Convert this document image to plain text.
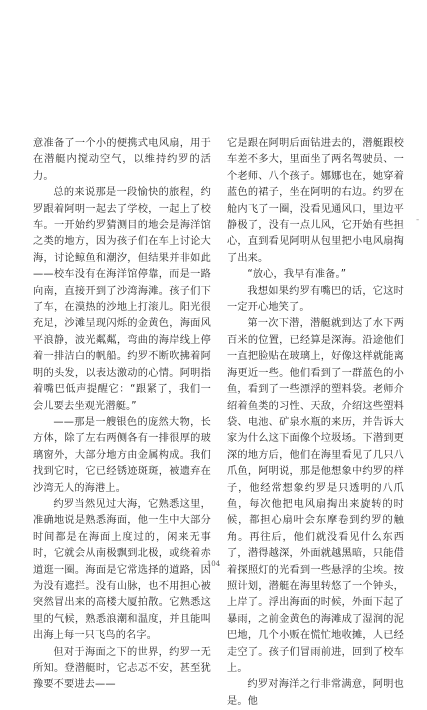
意准备了一个小的便携式电风扇，用于在潜艇内搅动空气，以维持约罗的活力。

总的来说那是一段愉快的旅程，约罗跟着阿明一起去了学校，一起上了校车。一开始约罗猜测目的地会是海洋馆之类的地方，因为孩子们在车上讨论大海，讨论鲸鱼和潮汐，但结果并非如此——校车没有在海洋馆停靠，而是一路向南，直接开到了沙湾海滩。孩子们下了车，在漠热的沙地上打滚儿。阳光很充足，沙滩呈现闪烁的金黄色，海面风平浪静，波光粼粼，弯曲的海岸线上停着一排洁白的帆船。约罗不断吹拂着阿明的头发，以表达激动的心情。阿明指着嘴巴低声提醒它：“跟紧了，我们一会儿要去坐观光潜艇。”

——那是一艘银色的庞然大物，长方体，除了左右两侧各有一排很厚的玻璃窗外，大部分地方由金属构成。我们找到它时，它已经锈迹斑斑，被遗弃在沙湾无人的海港上。

约罗当然见过大海，它熟悉这里，准确地说是熟悉海面，他一生中大部分时间都是在海面上度过的，闲来无事时，它就会从南极飘到北极，或绕着赤道逛一圈。海面是它常选择的道路，因为没有遮拦。没有山脉，也不用担心被突然冒出来的高楼大厦拍散。它熟悉这里的气候，熟悉浪潮和温度，并且能叫出海上每一只飞鸟的名字。

但对于海面之下的世界，约罗一无所知。登潜艇时，它忐忑不安，甚至犹豫要不要进去——

它是跟在阿明后面钻进去的，潜艇跟校车差不多大，里面坐了两名驾驶员、一个老师、八个孩子。娜娜也在，她穿着蓝色的裙子，坐在阿明的右边。约罗在舱内飞了一圈，没看见通风口，里边平静极了，没有一点儿风，它开始有些担心，直到看见阿明从包里把小电风扇掏了出来。

“放心，我早有准备。”

我想如果约罗有嘴巴的话，它这时一定开心地笑了。

第一次下潜，潜艇就到达了水下两百米的位置，已经算是深海。沿途他们一直把脸贴在玻璃上，好像这样就能离海更近一些。他们看到了一群蓝色的小鱼，看到了一些漂浮的塑料袋。老师介绍着鱼类的习性、天敌，介绍这些塑料袋、电池、矿泉水瓶的来历，并告诉大家为什么这下面像个垃圾场。下潜到更深的地方后，他们在海里看见了几只八爪鱼，阿明说，那是他想象中约罗的样子，他经常想象约罗是只透明的八爪鱼，每次他把电风扇掏出来旋转的时候，都担心扇叶会东摩卷到约罗的触角。再往后，他们就没看见什么东西了，潜得越深，外面就越黑暗，只能借着探照灯的光看到一些悬浮的尘埃。按照计划，潜艇在海里转悠了一个钟头，上岸了。浮出海面的时候，外面下起了暴雨，之前金黄色的海滩成了湿润的泥巴地，几个小贩在慌忙地收摊，人已经走空了。孩子们冒雨前进，回到了校车上。

约罗对海洋之行非常满意，阿明也是。他

-
104
